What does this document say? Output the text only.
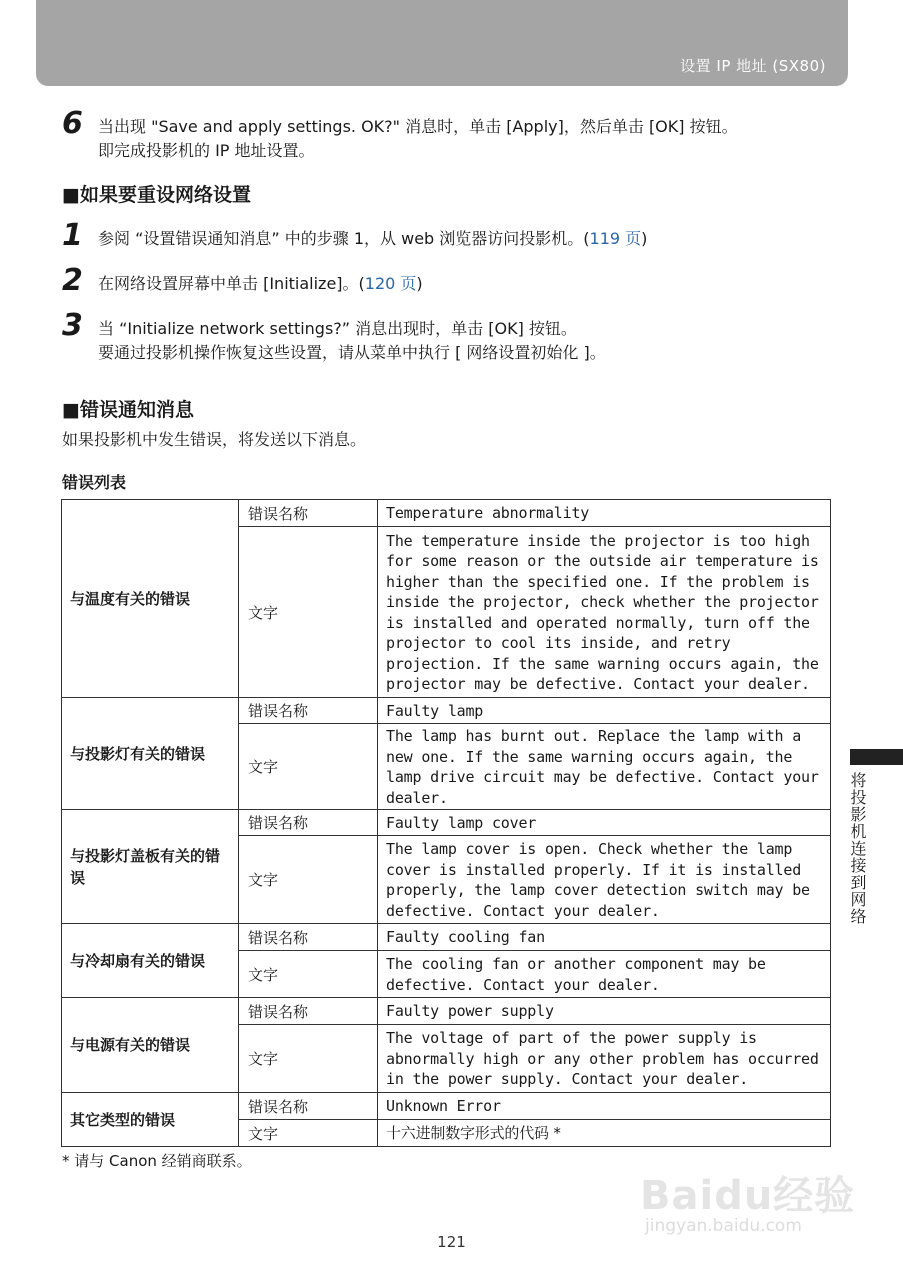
设置 IP 地址 (SX80)
6 当出现 "Save and apply settings. OK?" 消息时，单击 [Apply]，然后单击 [OK] 按钮。
即完成投影机的 IP 地址设置。
■如果要重设网络设置
1 参阅 “设置错误通知消息” 中的步骤 1，从 web 浏览器访问投影机。(119 页)
2 在网络设置屏幕中单击 [Initialize]。(120 页)
3 当 “Initialize network settings?” 消息出现时，单击 [OK] 按钮。
要通过投影机操作恢复这些设置，请从菜单中执行 [ 网络设置初始化 ]。
■错误通知消息
如果投影机中发生错误，将发送以下消息。
错误列表
与温度有关的错误	错误名称	Temperature abnormality
	文字	The temperature inside the projector is too high for some reason or the outside air temperature is higher than the specified one. If the problem is inside the projector, check whether the projector is installed and operated normally, turn off the projector to cool its inside, and retry projection. If the same warning occurs again, the projector may be defective. Contact your dealer.
与投影灯有关的错误	错误名称	Faulty lamp
	文字	The lamp has burnt out. Replace the lamp with a new one. If the same warning occurs again, the lamp drive circuit may be defective. Contact your dealer.
与投影灯盖板有关的错误	错误名称	Faulty lamp cover
	文字	The lamp cover is open. Check whether the lamp cover is installed properly. If it is installed properly, the lamp cover detection switch may be defective. Contact your dealer.
与冷却扇有关的错误	错误名称	Faulty cooling fan
	文字	The cooling fan or another component may be defective. Contact your dealer.
与电源有关的错误	错误名称	Faulty power supply
	文字	The voltage of part of the power supply is abnormally high or any other problem has occurred in the power supply. Contact your dealer.
其它类型的错误	错误名称	Unknown Error
	文字	十六进制数字形式的代码 *
* 请与 Canon 经销商联系。
将投影机连接到网络
Baidu经验
jingyan.baidu.com
121
